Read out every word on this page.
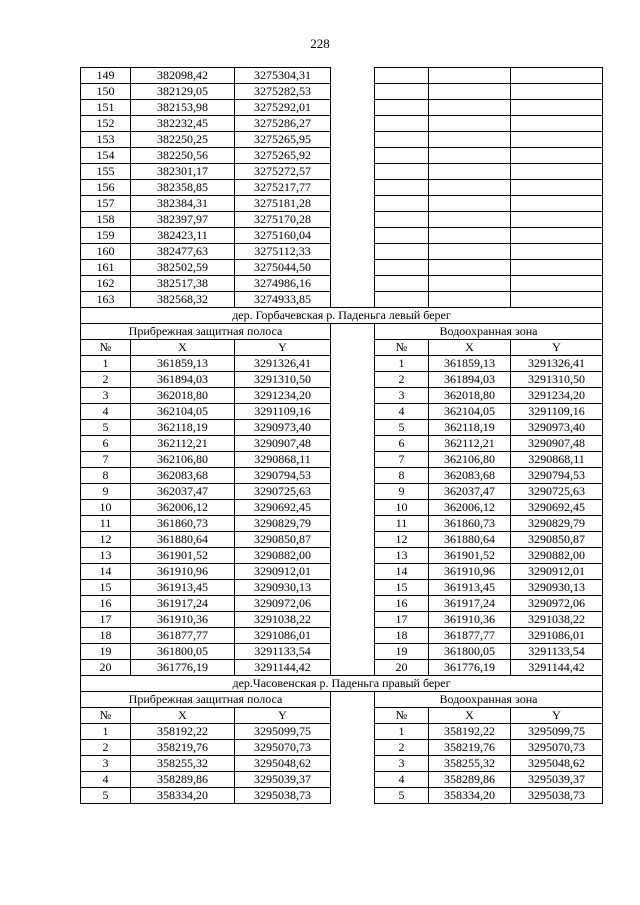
228
149	382098,42	3275304,31				
150	382129,05	3275282,53				
151	382153,98	3275292,01				
152	382232,45	3275286,27				
153	382250,25	3275265,95				
154	382250,56	3275265,92				
155	382301,17	3275272,57				
156	382358,85	3275217,77				
157	382384,31	3275181,28				
158	382397,97	3275170,28				
159	382423,11	3275160,04				
160	382477,63	3275112,33				
161	382502,59	3275044,50				
162	382517,38	3274986,16				
163	382568,32	3274933,85				
дер. Горбачевская р. Паденьга левый берег						
Прибрежная защитная полоса				Водоохранная зона		
№	X	Y		№	X	Y
1	361859,13	3291326,41		1	361859,13	3291326,41
2	361894,03	3291310,50		2	361894,03	3291310,50
3	362018,80	3291234,20		3	362018,80	3291234,20
4	362104,05	3291109,16		4	362104,05	3291109,16
5	362118,19	3290973,40		5	362118,19	3290973,40
6	362112,21	3290907,48		6	362112,21	3290907,48
7	362106,80	3290868,11		7	362106,80	3290868,11
8	362083,68	3290794,53		8	362083,68	3290794,53
9	362037,47	3290725,63		9	362037,47	3290725,63
10	362006,12	3290692,45		10	362006,12	3290692,45
11	361860,73	3290829,79		11	361860,73	3290829,79
12	361880,64	3290850,87		12	361880,64	3290850,87
13	361901,52	3290882,00		13	361901,52	3290882,00
14	361910,96	3290912,01		14	361910,96	3290912,01
15	361913,45	3290930,13		15	361913,45	3290930,13
16	361917,24	3290972,06		16	361917,24	3290972,06
17	361910,36	3291038,22		17	361910,36	3291038,22
18	361877,77	3291086,01		18	361877,77	3291086,01
19	361800,05	3291133,54		19	361800,05	3291133,54
20	361776,19	3291144,42		20	361776,19	3291144,42
дер.Часовенская р. Паденьга правый берег						
Прибрежная защитная полоса				Водоохранная зона		
№	X	Y		№	X	Y
1	358192,22	3295099,75		1	358192,22	3295099,75
2	358219,76	3295070,73		2	358219,76	3295070,73
3	358255,32	3295048,62		3	358255,32	3295048,62
4	358289,86	3295039,37		4	358289,86	3295039,37
5	358334,20	3295038,73		5	358334,20	3295038,73
